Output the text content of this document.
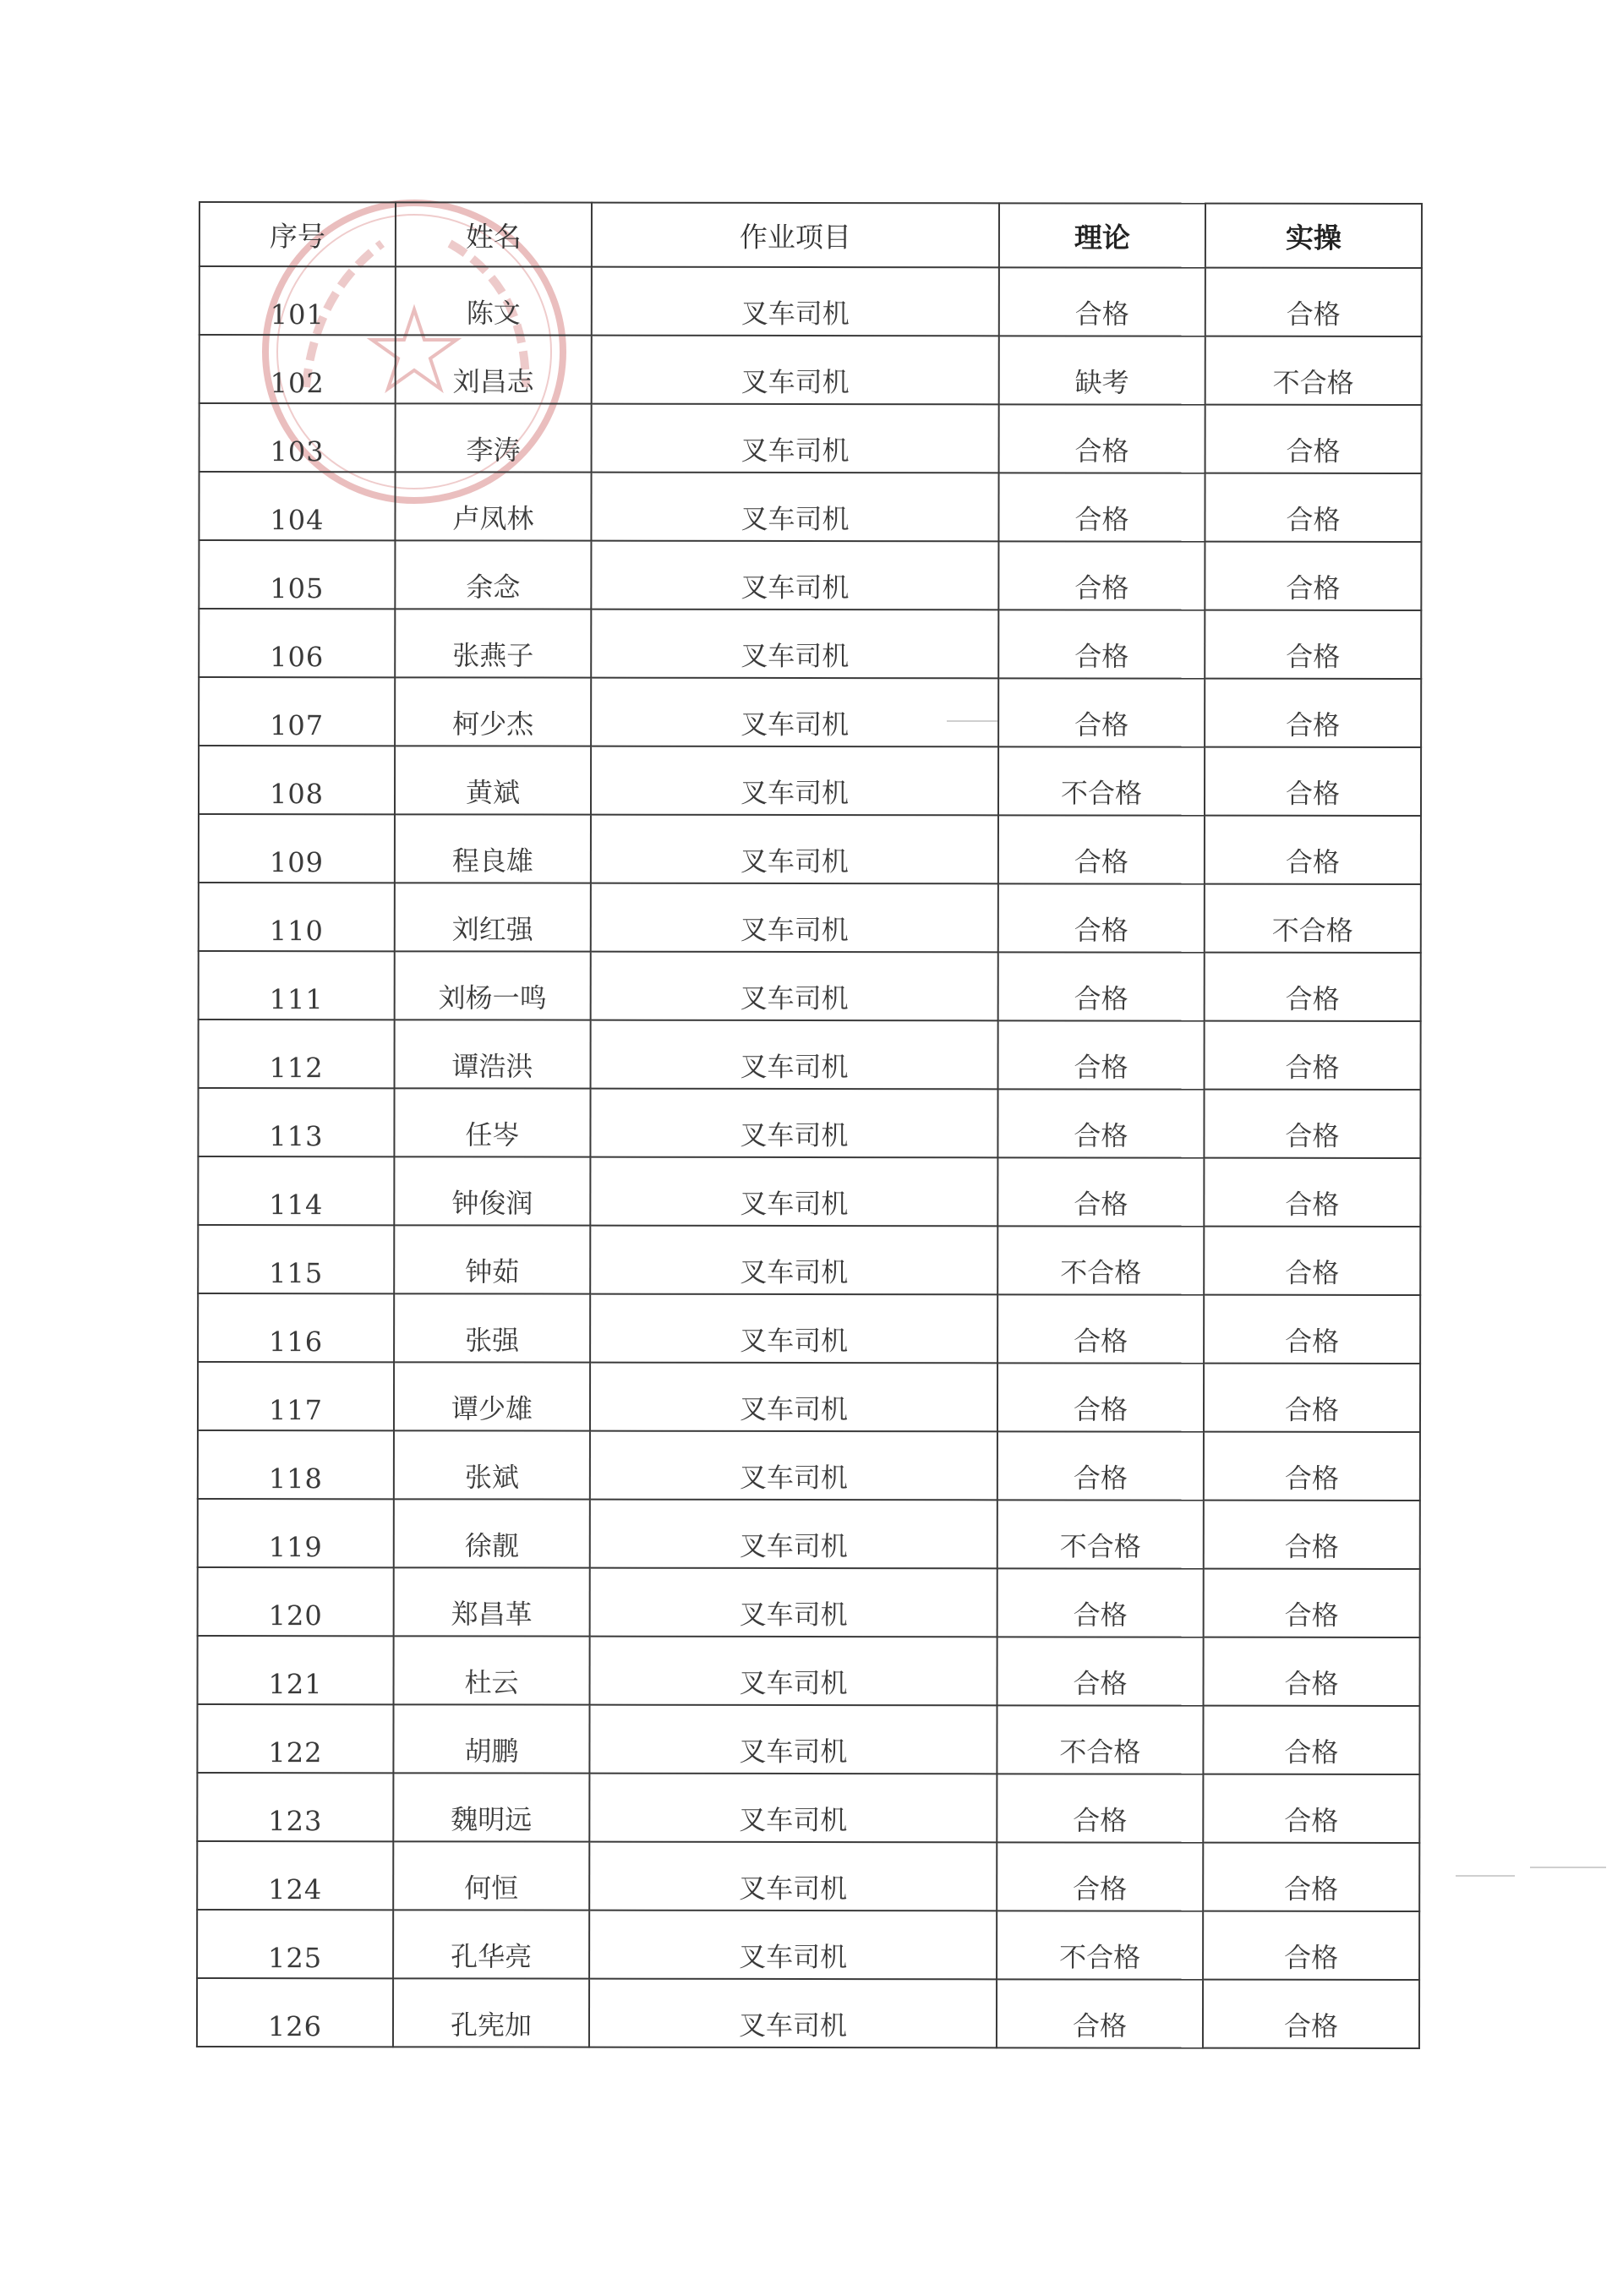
序号	姓名	作业项目	理论	实操
101	陈文	叉车司机	合格	合格
102	刘昌志	叉车司机	缺考	不合格
103	李涛	叉车司机	合格	合格
104	卢凤林	叉车司机	合格	合格
105	余念	叉车司机	合格	合格
106	张燕子	叉车司机	合格	合格
107	柯少杰	叉车司机	合格	合格
108	黄斌	叉车司机	不合格	合格
109	程良雄	叉车司机	合格	合格
110	刘红强	叉车司机	合格	不合格
111	刘杨一鸣	叉车司机	合格	合格
112	谭浩洪	叉车司机	合格	合格
113	任岑	叉车司机	合格	合格
114	钟俊润	叉车司机	合格	合格
115	钟茹	叉车司机	不合格	合格
116	张强	叉车司机	合格	合格
117	谭少雄	叉车司机	合格	合格
118	张斌	叉车司机	合格	合格
119	徐靓	叉车司机	不合格	合格
120	郑昌革	叉车司机	合格	合格
121	杜云	叉车司机	合格	合格
122	胡鹏	叉车司机	不合格	合格
123	魏明远	叉车司机	合格	合格
124	何恒	叉车司机	合格	合格
125	孔华亮	叉车司机	不合格	合格
126	孔宪加	叉车司机	合格	合格
